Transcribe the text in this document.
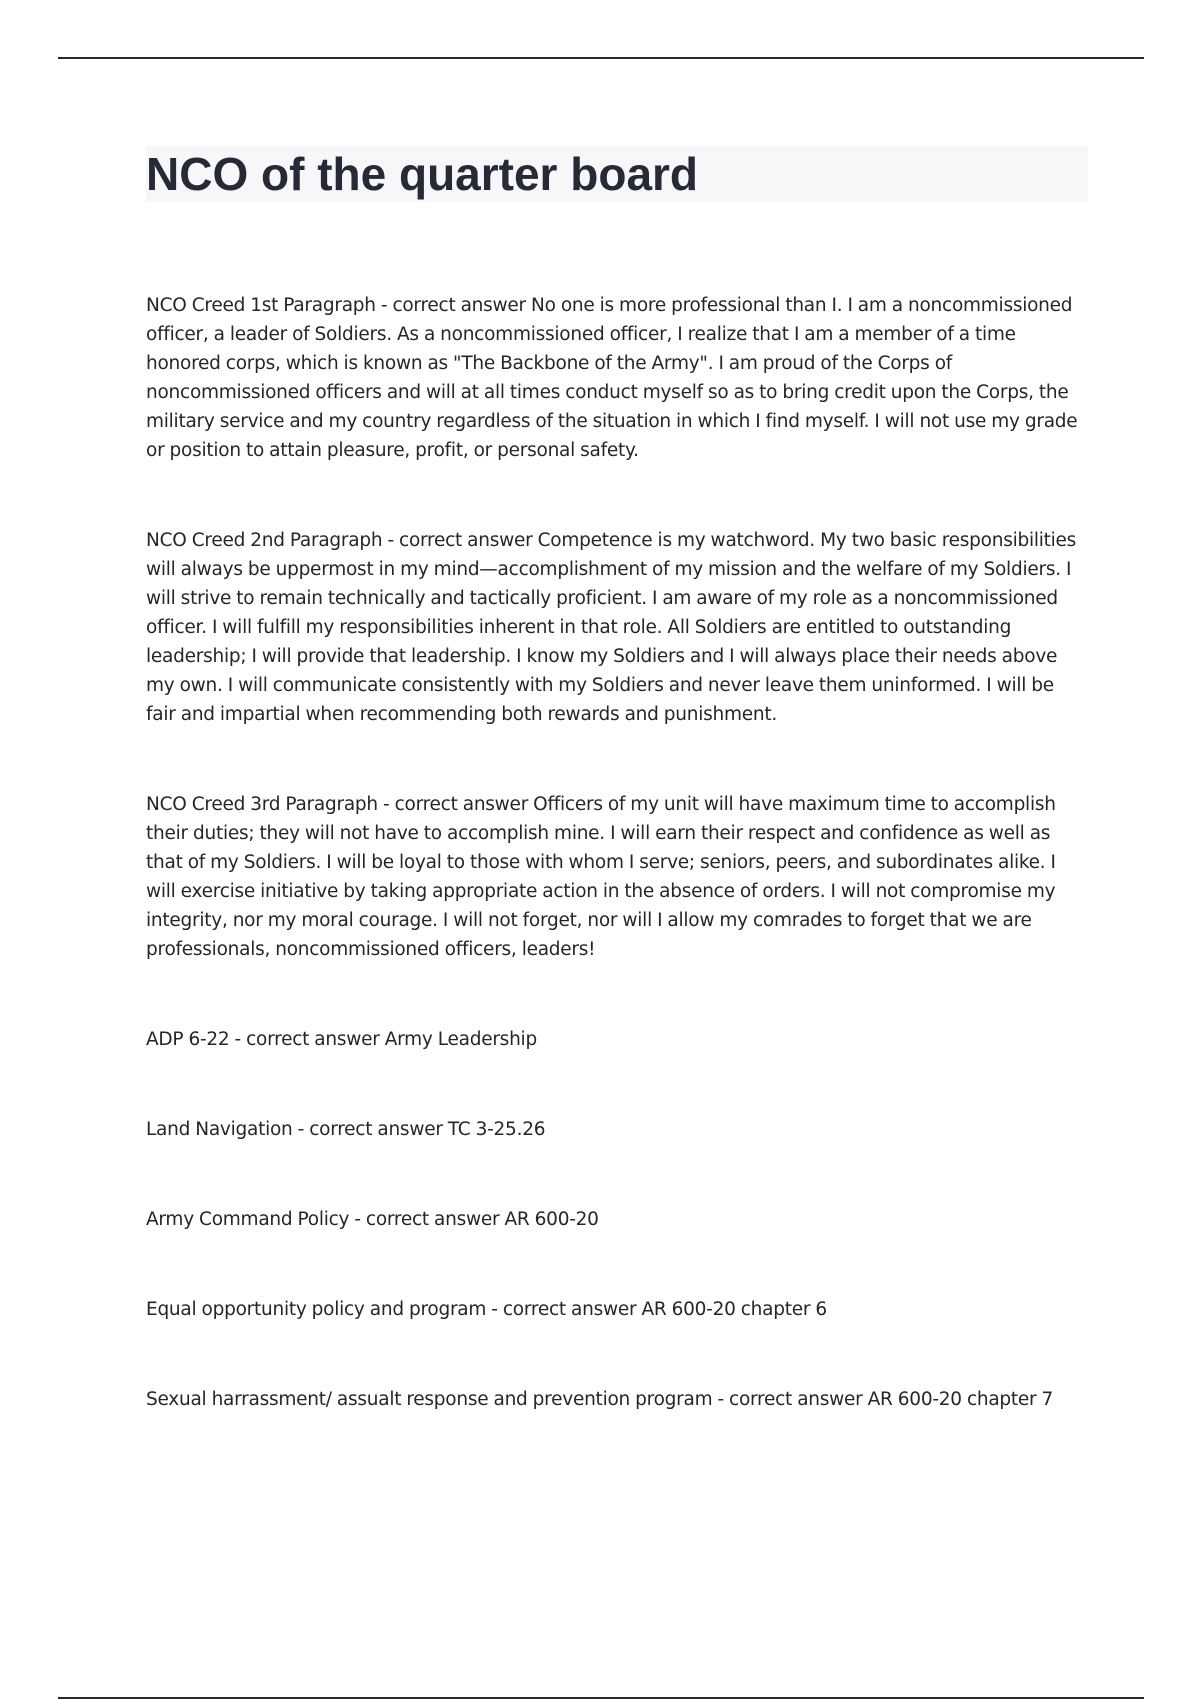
NCO of the quarter board

NCO Creed 1st Paragraph - correct answer No one is more professional than I. I am a noncommissioned officer, a leader of Soldiers. As a noncommissioned officer, I realize that I am a member of a time honored corps, which is known as "The Backbone of the Army". I am proud of the Corps of noncommissioned officers and will at all times conduct myself so as to bring credit upon the Corps, the military service and my country regardless of the situation in which I find myself. I will not use my grade or position to attain pleasure, profit, or personal safety.

NCO Creed 2nd Paragraph - correct answer Competence is my watchword. My two basic responsibilities will always be uppermost in my mind—accomplishment of my mission and the welfare of my Soldiers. I will strive to remain technically and tactically proficient. I am aware of my role as a noncommissioned officer. I will fulfill my responsibilities inherent in that role. All Soldiers are entitled to outstanding leadership; I will provide that leadership. I know my Soldiers and I will always place their needs above my own. I will communicate consistently with my Soldiers and never leave them uninformed. I will be fair and impartial when recommending both rewards and punishment.

NCO Creed 3rd Paragraph - correct answer Officers of my unit will have maximum time to accomplish their duties; they will not have to accomplish mine. I will earn their respect and confidence as well as that of my Soldiers. I will be loyal to those with whom I serve; seniors, peers, and subordinates alike. I will exercise initiative by taking appropriate action in the absence of orders. I will not compromise my integrity, nor my moral courage. I will not forget, nor will I allow my comrades to forget that we are professionals, noncommissioned officers, leaders!

ADP 6-22 - correct answer Army Leadership

Land Navigation - correct answer TC 3-25.26

Army Command Policy - correct answer AR 600-20

Equal opportunity policy and program - correct answer AR 600-20 chapter 6

Sexual harrassment/ assualt response and prevention program - correct answer AR 600-20 chapter 7
